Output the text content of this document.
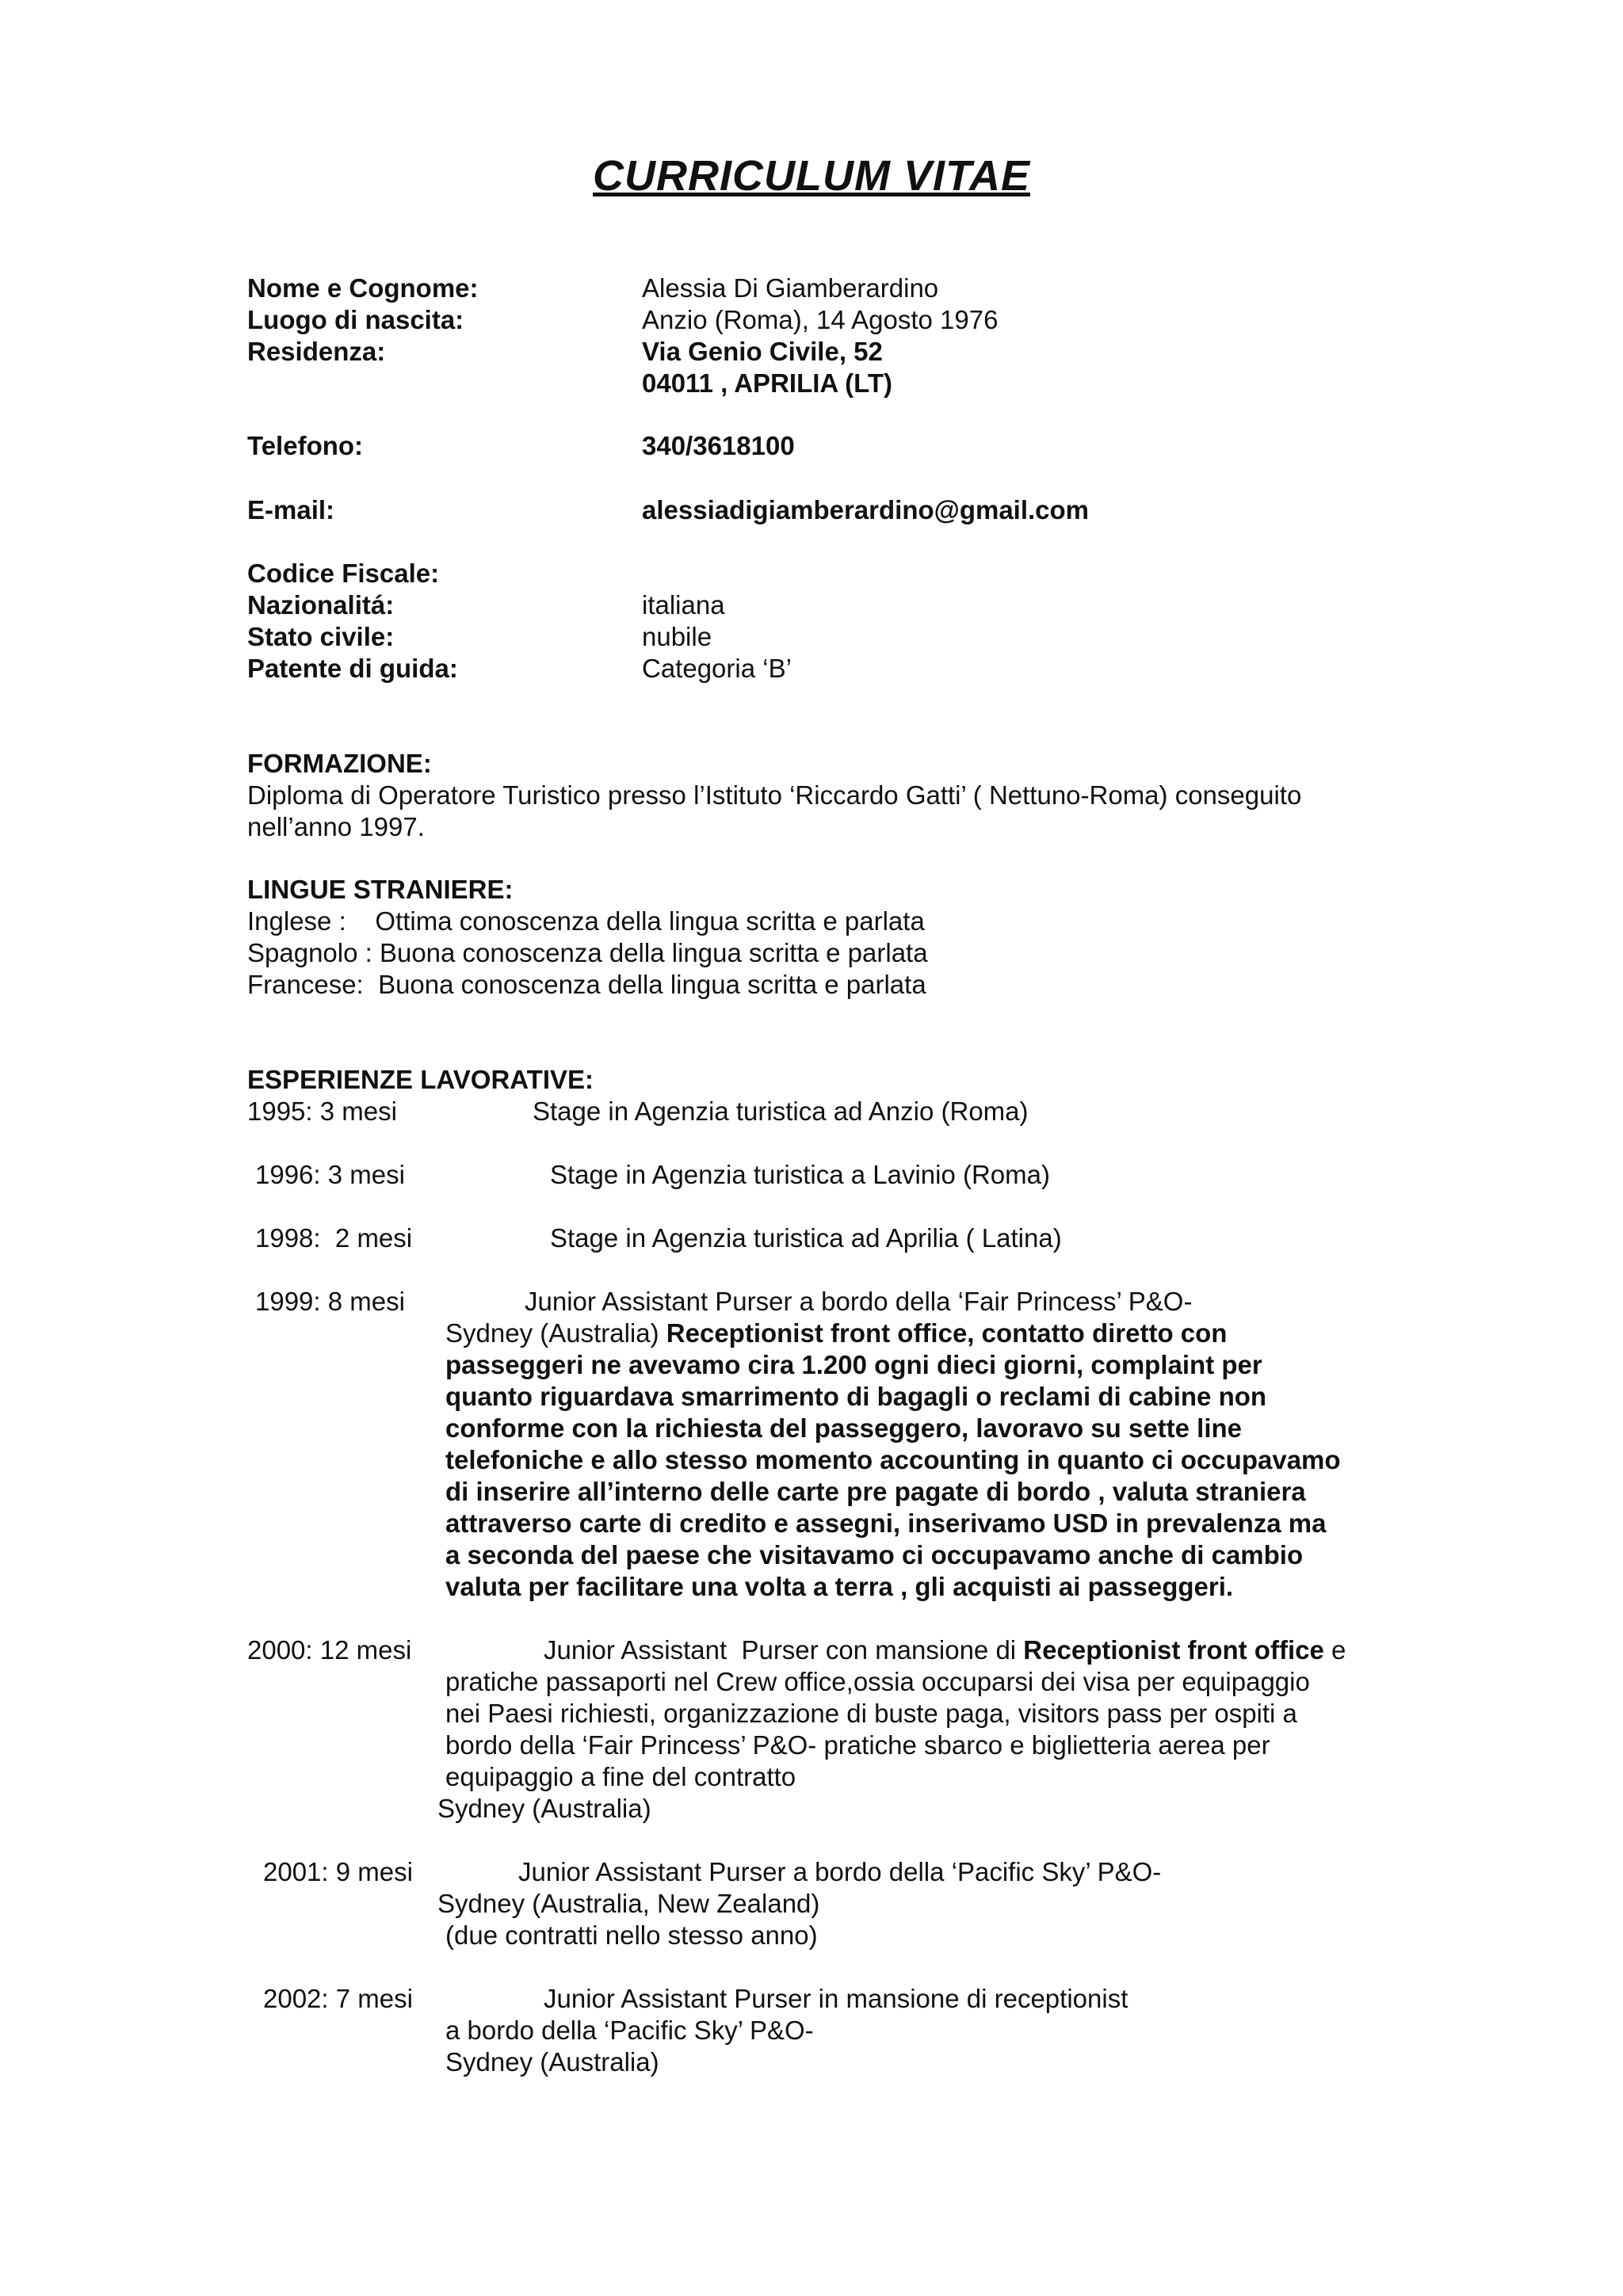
CURRICULUM VITAE
Nome e Cognome:	Alessia Di Giamberardino
Luogo di nascita:	Anzio (Roma), 14 Agosto 1976
Residenza:	Via Genio Civile, 52
04011 , APRILIA (LT)
Telefono:	340/3618100
E-mail:	alessiadigiamberardino@gmail.com
Codice Fiscale:
Nazionalitá:	italiana
Stato civile:	nubile
Patente di guida:	Categoria ‘B’
FORMAZIONE:
Diploma di Operatore Turistico presso l’Istituto ‘Riccardo Gatti’ ( Nettuno-Roma) conseguito
nell’anno 1997.
LINGUE STRANIERE:
Inglese :    Ottima conoscenza della lingua scritta e parlata
Spagnolo : Buona conoscenza della lingua scritta e parlata
Francese:  Buona conoscenza della lingua scritta e parlata
ESPERIENZE LAVORATIVE:
1995: 3 mesi	Stage in Agenzia turistica ad Anzio (Roma)
1996: 3 mesi	Stage in Agenzia turistica a Lavinio (Roma)
1998:  2 mesi	Stage in Agenzia turistica ad Aprilia ( Latina)
1999: 8 mesi	Junior Assistant Purser a bordo della ‘Fair Princess’ P&O-
Sydney (Australia) Receptionist front office, contatto diretto con
passeggeri ne avevamo cira 1.200 ogni dieci giorni, complaint per
quanto riguardava smarrimento di bagagli o reclami di cabine non
conforme con la richiesta del passeggero, lavoravo su sette line
telefoniche e allo stesso momento accounting in quanto ci occupavamo
di inserire all’interno delle carte pre pagate di bordo , valuta straniera
attraverso carte di credito e assegni, inserivamo USD in prevalenza ma
a seconda del paese che visitavamo ci occupavamo anche di cambio
valuta per facilitare una volta a terra , gli acquisti ai passeggeri.
2000: 12 mesi	Junior Assistant  Purser con mansione di Receptionist front office e
pratiche passaporti nel Crew office,ossia occuparsi dei visa per equipaggio
nei Paesi richiesti, organizzazione di buste paga, visitors pass per ospiti a
bordo della ‘Fair Princess’ P&O- pratiche sbarco e biglietteria aerea per
equipaggio a fine del contratto
Sydney (Australia)
2001: 9 mesi	Junior Assistant Purser a bordo della ‘Pacific Sky’ P&O-
Sydney (Australia, New Zealand)
(due contratti nello stesso anno)
2002: 7 mesi	Junior Assistant Purser in mansione di receptionist
a bordo della ‘Pacific Sky’ P&O-
Sydney (Australia)
